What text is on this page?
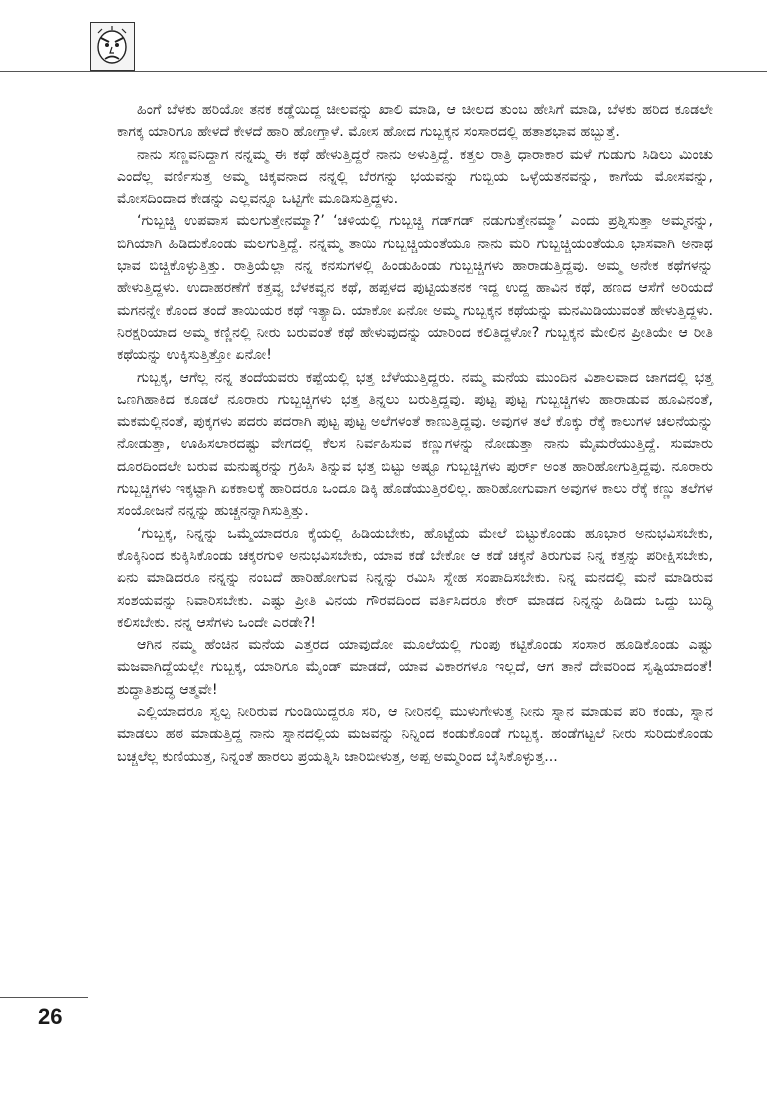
ಹಿಂಗೆ ಬೆಳಕು ಹರಿಯೋ ತನಕ ಕಡ್ಡೆಯಿದ್ದ ಚೀಲವನ್ನು ಖಾಲಿ ಮಾಡಿ, ಆ ಚೀಲದ ತುಂಬ ಹೇಸಿಗೆ ಮಾಡಿ, ಬೆಳಕು ಹರಿದ ಕೂಡಲೇ ಕಾಗಕ್ಕ ಯಾರಿಗೂ ಹೇಳದೆ ಕೇಳದೆ ಹಾರಿ ಹೋಗ್ತಾಳೆ. ಮೋಸ ಹೋದ ಗುಬ್ಬಕ್ಕನ ಸಂಸಾರದಲ್ಲಿ ಹತಾಶಭಾವ ಹಬ್ಬುತ್ತೆ.

ನಾನು ಸಣ್ಣವನಿದ್ದಾಗ ನನ್ನಮ್ಮ ಈ ಕಥೆ ಹೇಳುತ್ತಿದ್ದರೆ ನಾನು ಅಳುತ್ತಿದ್ದೆ. ಕತ್ತಲ ರಾತ್ರಿ ಧಾರಾಕಾರ ಮಳೆ ಗುಡುಗು ಸಿಡಿಲು ಮಿಂಚು ಎಂದೆಲ್ಲ ವರ್ಣಿಸುತ್ತ ಅಮ್ಮ ಚಿಕ್ಕವನಾದ ನನ್ನಲ್ಲಿ ಬೆರಗನ್ನು ಭಯವನ್ನು ಗುಬ್ಬಿಯ ಒಳ್ಳೆಯತನವನ್ನು, ಕಾಗೆಯ ಮೋಸವನ್ನು, ಮೋಸದಿಂದಾದ ಕೇಡನ್ನು ಎಲ್ಲವನ್ನೂ ಒಟ್ಟಿಗೇ ಮೂಡಿಸುತ್ತಿದ್ದಳು.

‘ಗುಬ್ಬಚ್ಚಿ ಉಪವಾಸ ಮಲಗುತ್ತೇನಮ್ಮಾ?’ ‘ಚಳಿಯಲ್ಲಿ ಗುಬ್ಬಚ್ಚಿ ಗಡ್‌ಗಡ್ ನಡುಗುತ್ತೇನಮ್ಮಾ’ ಎಂದು ಪ್ರಶ್ನಿಸುತ್ತಾ ಅಮ್ಮನನ್ನು, ಬಿಗಿಯಾಗಿ ಹಿಡಿದುಕೊಂಡು ಮಲಗುತ್ತಿದ್ದೆ. ನನ್ನಮ್ಮ ತಾಯಿ ಗುಬ್ಬಚ್ಚಿಯಂತೆಯೂ ನಾನು ಮರಿ ಗುಬ್ಬಚ್ಚಿಯಂತೆಯೂ ಭಾಸವಾಗಿ ಅನಾಥ ಭಾವ ಬಿಚ್ಚಿಕೊಳ್ಳುತ್ತಿತ್ತು. ರಾತ್ರಿಯೆಲ್ಲಾ ನನ್ನ ಕನಸುಗಳಲ್ಲಿ ಹಿಂಡುಹಿಂಡು ಗುಬ್ಬಚ್ಚಿಗಳು ಹಾರಾಡುತ್ತಿದ್ದವು. ಅಮ್ಮ ಅನೇಕ ಕಥೆಗಳನ್ನು ಹೇಳುತ್ತಿದ್ದಳು. ಉದಾಹರಣೆಗೆ ಕತ್ತವ್ವ ಬೆಳಕವ್ವನ ಕಥೆ, ಹಪ್ಪಳದ ಪುಟ್ಟಿಯತನಕ ಇದ್ದ ಉದ್ದ ಹಾವಿನ ಕಥೆ, ಹಣದ ಆಸೆಗೆ ಅರಿಯದೆ ಮಗನನ್ನೇ ಕೊಂದ ತಂದೆ ತಾಯಿಯರ ಕಥೆ ಇತ್ಯಾದಿ. ಯಾಕೋ ಏನೋ ಅಮ್ಮ ಗುಬ್ಬಕ್ಕನ ಕಥೆಯನ್ನು ಮನಮಿಡಿಯುವಂತೆ ಹೇಳುತ್ತಿದ್ದಳು. ನಿರಕ್ಷರಿಯಾದ ಅಮ್ಮ ಕಣ್ಣಿನಲ್ಲಿ ನೀರು ಬರುವಂತೆ ಕಥೆ ಹೇಳುವುದನ್ನು ಯಾರಿಂದ ಕಲಿತಿದ್ದಳೋ? ಗುಬ್ಬಕ್ಕನ ಮೇಲಿನ ಪ್ರೀತಿಯೇ ಆ ರೀತಿ ಕಥೆಯನ್ನು ಉಕ್ಕಿಸುತ್ತಿತ್ತೋ ಏನೋ!

ಗುಬ್ಬಕ್ಕ, ಆಗೆಲ್ಲ ನನ್ನ ತಂದೆಯವರು ಕಪ್ಪೆಯಲ್ಲಿ ಭತ್ತ ಬೆಳೆಯುತ್ತಿದ್ದರು. ನಮ್ಮ ಮನೆಯ ಮುಂದಿನ ವಿಶಾಲವಾದ ಜಾಗದಲ್ಲಿ ಭತ್ತ ಒಣಗಿಹಾಕಿದ ಕೂಡಲೆ ನೂರಾರು ಗುಬ್ಬಚ್ಚಿಗಳು ಭತ್ತ ತಿನ್ನಲು ಬರುತ್ತಿದ್ದವು. ಪುಟ್ಟ ಪುಟ್ಟ ಗುಬ್ಬಚ್ಚಿಗಳು ಹಾರಾಡುವ ಹೂವಿನಂತೆ, ಮಕಮಲ್ಲಿನಂತೆ, ಪುಕ್ಕಗಳು ಪದರು ಪದರಾಗಿ ಪುಟ್ಟ ಪುಟ್ಟ ಅಲೆಗಳಂತೆ ಕಾಣುತ್ತಿದ್ದವು. ಅವುಗಳ ತಲೆ ಕೊಕ್ಕು ರೆಕ್ಕೆ ಕಾಲುಗಳ ಚಲನೆಯನ್ನು ನೋಡುತ್ತಾ, ಊಹಿಸಲಾರದಷ್ಟು ವೇಗದಲ್ಲಿ ಕೆಲಸ ನಿರ್ವಹಿಸುವ ಕಣ್ಣುಗಳನ್ನು ನೋಡುತ್ತಾ ನಾನು ಮೈಮರೆಯುತ್ತಿದ್ದೆ. ಸುಮಾರು ದೂರದಿಂದಲೇ ಬರುವ ಮನುಷ್ಯರನ್ನು ಗ್ರಹಿಸಿ ತಿನ್ನುವ ಭತ್ತ ಬಿಟ್ಟು ಅಷ್ಟೂ ಗುಬ್ಬಚ್ಚಿಗಳು ಪುರ್ರ್ ಅಂತ ಹಾರಿಹೋಗುತ್ತಿದ್ದವು. ನೂರಾರು ಗುಬ್ಬಚ್ಚಿಗಳು ಇಕ್ಕಟ್ಟಾಗಿ ಏಕಕಾಲಕ್ಕೆ ಹಾರಿದರೂ ಒಂದೂ ಡಿಕ್ಕಿ ಹೊಡೆಯುತ್ತಿರಲಿಲ್ಲ. ಹಾರಿಹೋಗುವಾಗ ಅವುಗಳ ಕಾಲು ರೆಕ್ಕೆ ಕಣ್ಣು ತಲೆಗಳ ಸಂಯೋಜನೆ ನನ್ನನ್ನು ಹುಚ್ಚನನ್ನಾಗಿಸುತ್ತಿತ್ತು.

‘ಗುಬ್ಬಕ್ಕ, ನಿನ್ನನ್ನು ಒಮ್ಮೆಯಾದರೂ ಕೈಯಲ್ಲಿ ಹಿಡಿಯಬೇಕು, ಹೊಟ್ಟೆಯ ಮೇಲೆ ಬಿಟ್ಟುಕೊಂಡು ಹೂಭಾರ ಅನುಭವಿಸಬೇಕು, ಕೊಕ್ಕಿನಿಂದ ಕುಕ್ಕಿಸಿಕೊಂಡು ಚಕ್ಕರಗುಳಿ ಅನುಭವಿಸಬೇಕು, ಯಾವ ಕಡೆ ಬೇಕೋ ಆ ಕಡೆ ಚಕ್ಕನೆ ತಿರುಗುವ ನಿನ್ನ ಕತ್ತನ್ನು ಪರೀಕ್ಷಿಸಬೇಕು, ಏನು ಮಾಡಿದರೂ ನನ್ನನ್ನು ನಂಬದೆ ಹಾರಿಹೋಗುವ ನಿನ್ನನ್ನು ರಮಿಸಿ ಸ್ನೇಹ ಸಂಪಾದಿಸಬೇಕು. ನಿನ್ನ ಮನದಲ್ಲಿ ಮನೆ ಮಾಡಿರುವ ಸಂಶಯವನ್ನು ನಿವಾರಿಸಬೇಕು. ಎಷ್ಟು ಪ್ರೀತಿ ವಿನಯ ಗೌರವದಿಂದ ವರ್ತಿಸಿದರೂ ಕೇರ್ ಮಾಡದ ನಿನ್ನನ್ನು ಹಿಡಿದು ಒದ್ದು ಬುದ್ಧಿ ಕಲಿಸಬೇಕು. ನನ್ನ ಆಸೆಗಳು ಒಂದೇ ಎರಡೇ?!

ಆಗಿನ ನಮ್ಮ ಹೆಂಚಿನ ಮನೆಯ ಎತ್ತರದ ಯಾವುದೋ ಮೂಲೆಯಲ್ಲಿ ಗುಂಪು ಕಟ್ಟಿಕೊಂಡು ಸಂಸಾರ ಹೂಡಿಕೊಂಡು ಎಷ್ಟು ಮಜವಾಗಿದ್ದೆಯಲ್ಲೇ ಗುಬ್ಬಕ್ಕ, ಯಾರಿಗೂ ಮೈಂಡ್ ಮಾಡದೆ, ಯಾವ ವಿಕಾರಗಳೂ ಇಲ್ಲದೆ, ಆಗ ತಾನೆ ದೇವರಿಂದ ಸೃಷ್ಟಿಯಾದಂತೆ! ಶುದ್ಧಾತಿಶುದ್ಧ ಆತ್ಮವೇ!

ಎಲ್ಲಿಯಾದರೂ ಸ್ವಲ್ಪ ನೀರಿರುವ ಗುಂಡಿಯಿದ್ದರೂ ಸರಿ, ಆ ನೀರಿನಲ್ಲಿ ಮುಳುಗೇಳುತ್ತ ನೀನು ಸ್ನಾನ ಮಾಡುವ ಪರಿ ಕಂಡು, ಸ್ನಾನ ಮಾಡಲು ಹಠ ಮಾಡುತ್ತಿದ್ದ ನಾನು ಸ್ನಾನದಲ್ಲಿಯ ಮಜವನ್ನು ನಿನ್ನಿಂದ ಕಂಡುಕೊಂಡೆ ಗುಬ್ಬಕ್ಕ. ಹಂಡೆಗಟ್ಟಲೆ ನೀರು ಸುರಿದುಕೊಂಡು ಬಚ್ಚಲೆಲ್ಲ ಕುಣಿಯುತ್ತ, ನಿನ್ನಂತೆ ಹಾರಲು ಪ್ರಯತ್ನಿಸಿ ಜಾರಿಬೀಳುತ್ತ, ಅಪ್ಪ ಅಮ್ಮರಿಂದ ಬೈಸಿಕೊಳ್ಳುತ್ತ...

26
